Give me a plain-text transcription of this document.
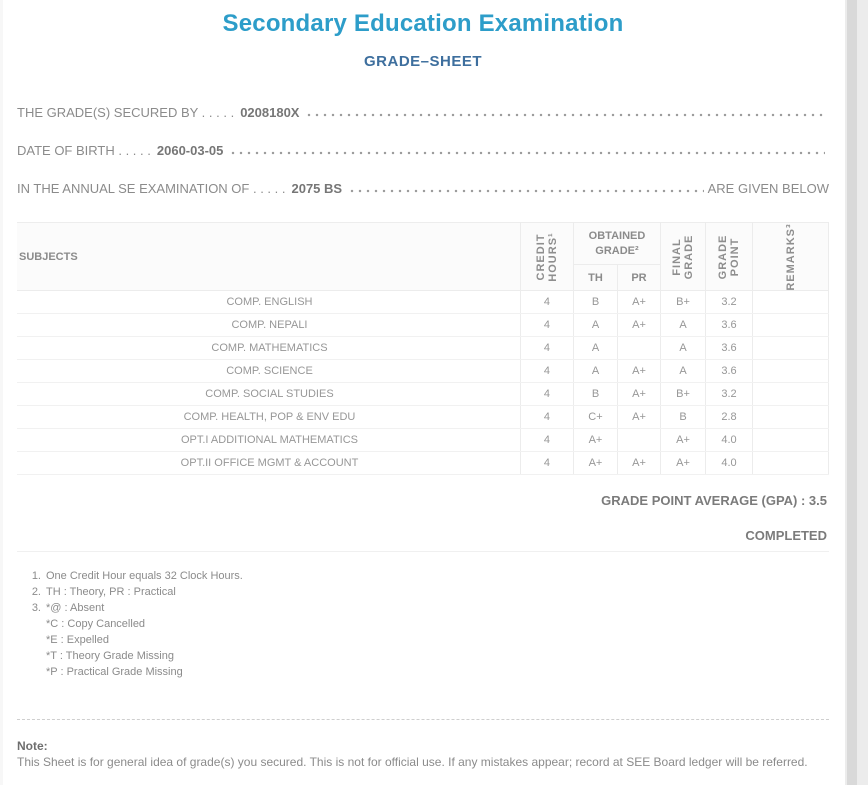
Secondary Education Examination
GRADE–SHEET
THE GRADE(S) SECURED BY . . . . . 0208180X
DATE OF BIRTH . . . . . 2060-03-05
IN THE ANNUAL SE EXAMINATION OF . . . . . 2075 BS	ARE GIVEN BELOW
SUBJECTS	CREDIT HOURS¹	OBTAINED GRADE²	FINAL GRADE	GRADE POINT	REMARKS³

		TH	PR			
COMP. ENGLISH	4	B	A+	B+	3.2	
COMP. NEPALI	4	A	A+	A	3.6	
COMP. MATHEMATICS	4	A		A	3.6	
COMP. SCIENCE	4	A	A+	A	3.6	
COMP. SOCIAL STUDIES	4	B	A+	B+	3.2	
COMP. HEALTH, POP & ENV EDU	4	C+	A+	B	2.8	
OPT.I ADDITIONAL MATHEMATICS	4	A+		A+	4.0	
OPT.II OFFICE MGMT & ACCOUNT	4	A+	A+	A+	4.0	
GRADE POINT AVERAGE (GPA) : 3.5
COMPLETED
1. One Credit Hour equals 32 Clock Hours.
2. TH : Theory, PR : Practical
3. *@ : Absent
*C : Copy Cancelled
*E : Expelled
*T : Theory Grade Missing
*P : Practical Grade Missing
Note:
This Sheet is for general idea of grade(s) you secured. This is not for official use. If any mistakes appear; record at SEE Board ledger will be referred.
